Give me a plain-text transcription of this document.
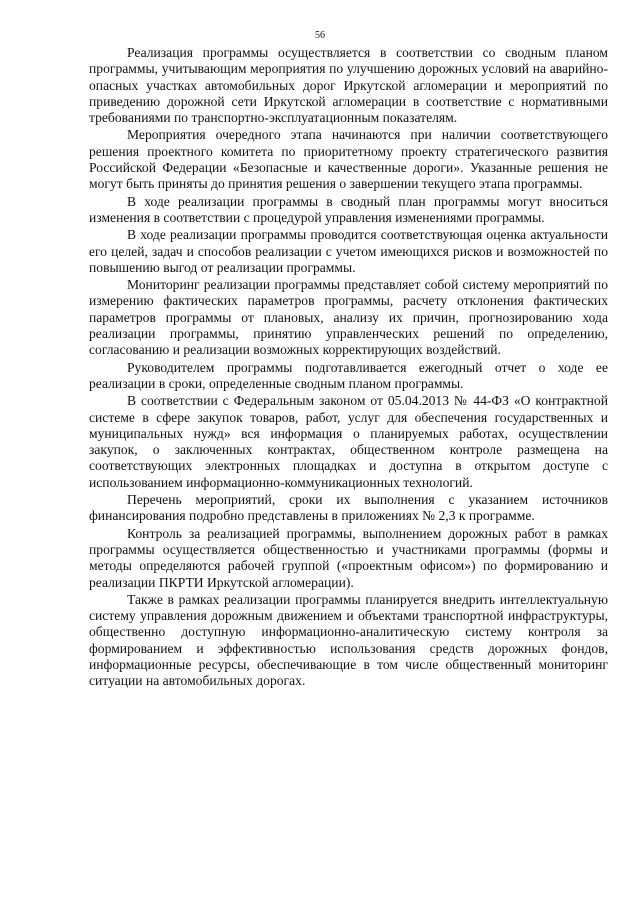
56

Реализация программы осуществляется в соответствии со сводным планом программы, учитывающим мероприятия по улучшению дорожных условий на аварийно-опасных участках автомобильных дорог Иркутской агломерации и мероприятий по приведению дорожной сети Иркутской агломерации в соответствие с нормативными требованиями по транспортно-эксплуатационным показателям.

Мероприятия очередного этапа начинаются при наличии соответствующего решения проектного комитета по приоритетному проекту стратегического развития Российской Федерации «Безопасные и качественные дороги». Указанные решения не могут быть приняты до принятия решения о завершении текущего этапа программы.

В ходе реализации программы в сводный план программы могут вноситься изменения в соответствии с процедурой управления изменениями программы.

В ходе реализации программы проводится соответствующая оценка актуальности его целей, задач и способов реализации с учетом имеющихся рисков и возможностей по повышению выгод от реализации программы.

Мониторинг реализации программы представляет собой систему мероприятий по измерению фактических параметров программы, расчету отклонения фактических параметров программы от плановых, анализу их причин, прогнозированию хода реализации программы, принятию управленческих решений по определению, согласованию и реализации возможных корректирующих воздействий.

Руководителем программы подготавливается ежегодный отчет о ходе ее реализации в сроки, определенные сводным планом программы.

В соответствии с Федеральным законом от 05.04.2013 № 44-ФЗ «О контрактной системе в сфере закупок товаров, работ, услуг для обеспечения государственных и муниципальных нужд» вся информация о планируемых работах, осуществлении закупок, о заключенных контрактах, общественном контроле размещена на соответствующих электронных площадках и доступна в открытом доступе с использованием информационно-коммуникационных технологий.

Перечень мероприятий, сроки их выполнения с указанием источников финансирования подробно представлены в приложениях № 2,3 к программе.

Контроль за реализацией программы, выполнением дорожных работ в рамках программы осуществляется общественностью и участниками программы (формы и методы определяются рабочей группой («проектным офисом») по формированию и реализации ПКРТИ Иркутской агломерации).

Также в рамках реализации программы планируется внедрить интеллектуальную систему управления дорожным движением и объектами транспортной инфраструктуры, общественно доступную информационно-аналитическую систему контроля за формированием и эффективностью использования средств дорожных фондов, информационные ресурсы, обеспечивающие в том числе общественный мониторинг ситуации на автомобильных дорогах.
